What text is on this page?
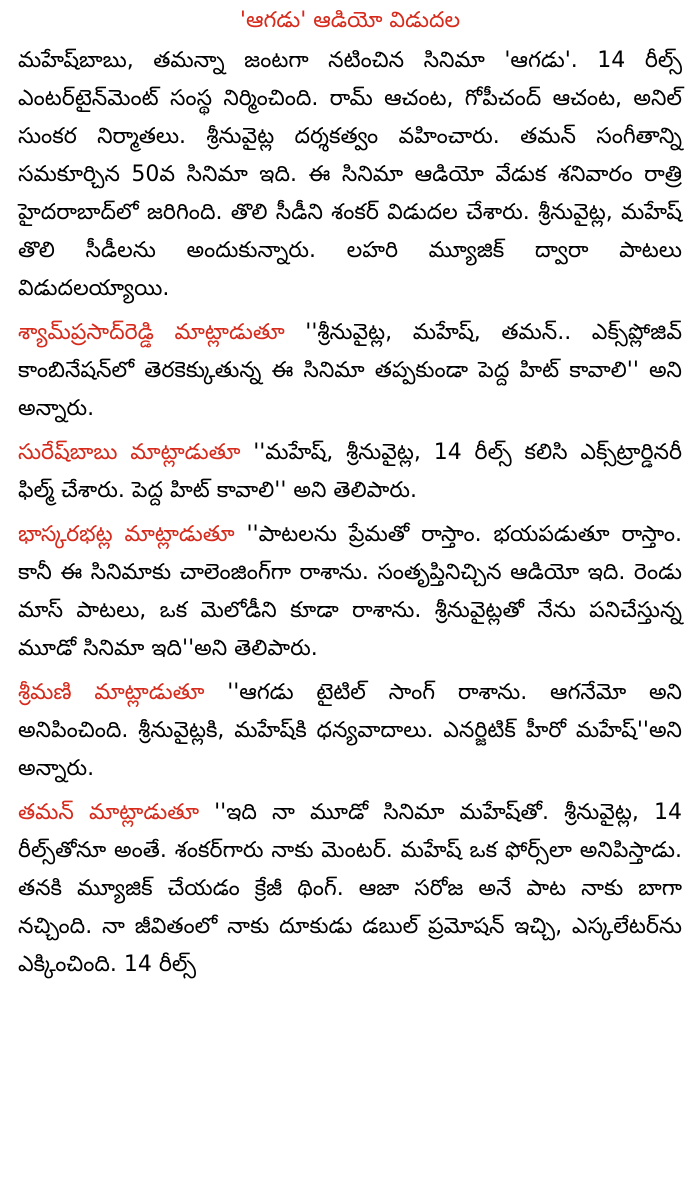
'ఆగడు' ఆడియో విడుదల

మహేష్‌బాబు, తమన్నా జంటగా నటించిన సినిమా 'ఆగడు'. 14 రీల్స్ ఎంటర్‌టైన్‌మెంట్ సంస్థ నిర్మించింది. రామ్ ఆచంట, గోపీచంద్ ఆచంట, అనిల్ సుంకర నిర్మాతలు. శ్రీనువైట్ల దర్శకత్వం వహించారు. తమన్ సంగీతాన్ని సమకూర్చిన 50వ సినిమా ఇది. ఈ సినిమా ఆడియో వేడుక శనివారం రాత్రి హైదరాబాద్‌లో జరిగింది. తొలి సీడీని శంకర్ విడుదల చేశారు. శ్రీనువైట్ల, మహేష్ తొలి సీడీలను అందుకున్నారు. లహరి మ్యూజిక్ ద్వారా పాటలు విడుదలయ్యాయి.

శ్యామ్‌ప్రసాద్‌రెడ్డి మాట్లాడుతూ ''శ్రీనువైట్ల, మహేష్, తమన్.. ఎక్స్‌ప్లోజివ్ కాంబినేషన్‌లో తెరకెక్కుతున్న ఈ సినిమా తప్పకుండా పెద్ద హిట్ కావాలి'' అని అన్నారు.

సురేష్‌బాబు మాట్లాడుతూ ''మహేష్, శ్రీనువైట్ల, 14 రీల్స్ కలిసి ఎక్స్‌ట్రార్డినరీ ఫిల్మ్ చేశారు. పెద్ద హిట్ కావాలి'' అని తెలిపారు.

భాస్కరభట్ల మాట్లాడుతూ ''పాటలను ప్రేమతో రాస్తాం. భయపడుతూ రాస్తాం. కానీ ఈ సినిమాకు చాలెంజింగ్‌గా రాశాను. సంతృప్తినిచ్చిన ఆడియో ఇది. రెండు మాస్ పాటలు, ఒక మెలోడీని కూడా రాశాను. శ్రీనువైట్లతో నేను పనిచేస్తున్న మూడో సినిమా ఇది''అని తెలిపారు.

శ్రీమణి మాట్లాడుతూ ''ఆగడు టైటిల్ సాంగ్ రాశాను. ఆగనేమో అని అనిపించింది. శ్రీనువైట్లకి, మహేష్‌కి ధన్యవాదాలు. ఎనర్జిటిక్ హీరో మహేష్''అని అన్నారు.

తమన్ మాట్లాడుతూ ''ఇది నా మూడో సినిమా మహేష్‌తో. శ్రీనువైట్ల, 14 రీల్స్‌తోనూ అంతే. శంకర్‌గారు నాకు మెంటర్. మహేష్ ఒక ఫోర్స్‌లా అనిపిస్తాడు. తనకి మ్యూజిక్ చేయడం క్రేజీ థింగ్. ఆజా సరోజ అనే పాట నాకు బాగా నచ్చింది. నా జీవితంలో నాకు దూకుడు డబుల్ ప్రమోషన్ ఇచ్చి, ఎస్కలేటర్‌ను ఎక్కించింది. 14 రీల్స్
